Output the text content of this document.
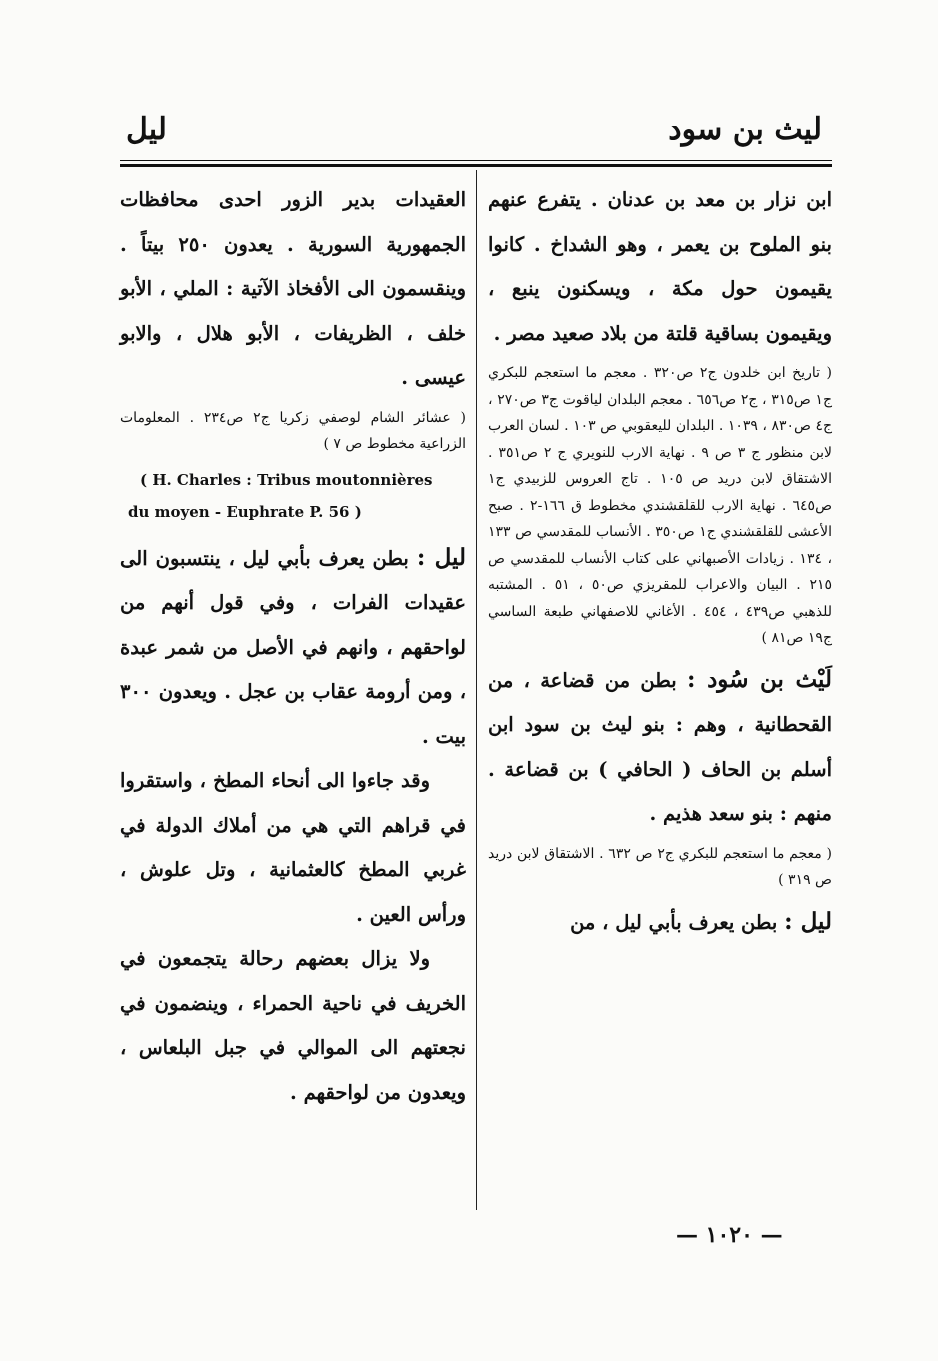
ليث بن سود
ليل

ابن نزار بن معد بن عدنان . يتفرع عنهم بنو الملوح بن يعمر ، وهو الشداخ . كانوا يقيمون حول مكة ، ويسكنون ينبع ، ويقيمون بساقية قلتة من بلاد صعيد مصر .

( تاريخ ابن خلدون ج٢ ص٣٢٠ . معجم ما استعجم للبكري ج١ ص٣١٥ ، ج٢ ص٦٥٦ . معجم البلدان لياقوت ج٣ ص٢٧٠ ، ج٤ ص٨٣٠ ، ١٠٣٩ . البلدان لليعقوبي ص ١٠٣ . لسان العرب لابن منظور ج ٣ ص ٩ . نهاية الارب للنويري ج ٢ ص٣٥١ . الاشتقاق لابن دريد ص ١٠٥ . تاج العروس للزبيدي ج١ ص٦٤٥ . نهاية الارب للقلقشندي مخطوط ق ١٦٦-٢ . صبح الأعشى للقلقشندي ج١ ص٣٥٠ . الأنساب للمقدسي ص ١٣٣ ، ١٣٤ . زيادات الأصبهاني على كتاب الأنساب للمقدسي ص ٢١٥ . البيان والاعراب للمقريزي ص٥٠ ، ٥١ . المشتبه للذهبي ص٤٣٩ ، ٤٥٤ . الأغاني للاصفهاني طبعة الساسي ج١٩ ص٨١ )

لَيْث بن سُود : بطن من قضاعة ، من القحطانية ، وهم : بنو ليث بن سود ابن أسلم بن الحاف ( الحافي ) بن قضاعة . منهم : بنو سعد هذيم .

( معجم ما استعجم للبكري ج٢ ص ٦٣٢ . الاشتقاق لابن دريد ص ٣١٩ )

ليل : بطن يعرف بأبي ليل ، من

العقيدات بدير الزور احدى محافظات الجمهورية السورية . يعدون ٢٥٠ بيتاً . وينقسمون الى الأفخاذ الآتية : الملي ، الأبو خلف ، الظريفات ، الأبو هلال ، والابو عيسى .

( عشائر الشام لوصفي زكريا ج٢ ص٢٣٤ . المعلومات الزراعية مخطوط ص ٧ )

( H. Charles : Tribus moutonnières
du moyen - Euphrate P. 56 )

ليل : بطن يعرف بأبي ليل ، ينتسبون الى عقيدات الفرات ، وفي قول أنهم من لواحقهم ، وانهم في الأصل من شمر عبدة ، ومن أرومة عقاب بن عجل . ويعدون ٣٠٠ بيت .

وقد جاءوا الى أنحاء المطخ ، واستقروا في قراهم التي هي من أملاك الدولة في غربي المطخ كالعثمانية ، وتل علوش ، ورأس العين .

ولا يزال بعضهم رحالة يتجمعون في الخريف في ناحية الحمراء ، وينضمون في نجعتهم الى الموالي في جبل البلعاس ، ويعدون من لواحقهم .

— ١٠٢٠ —
